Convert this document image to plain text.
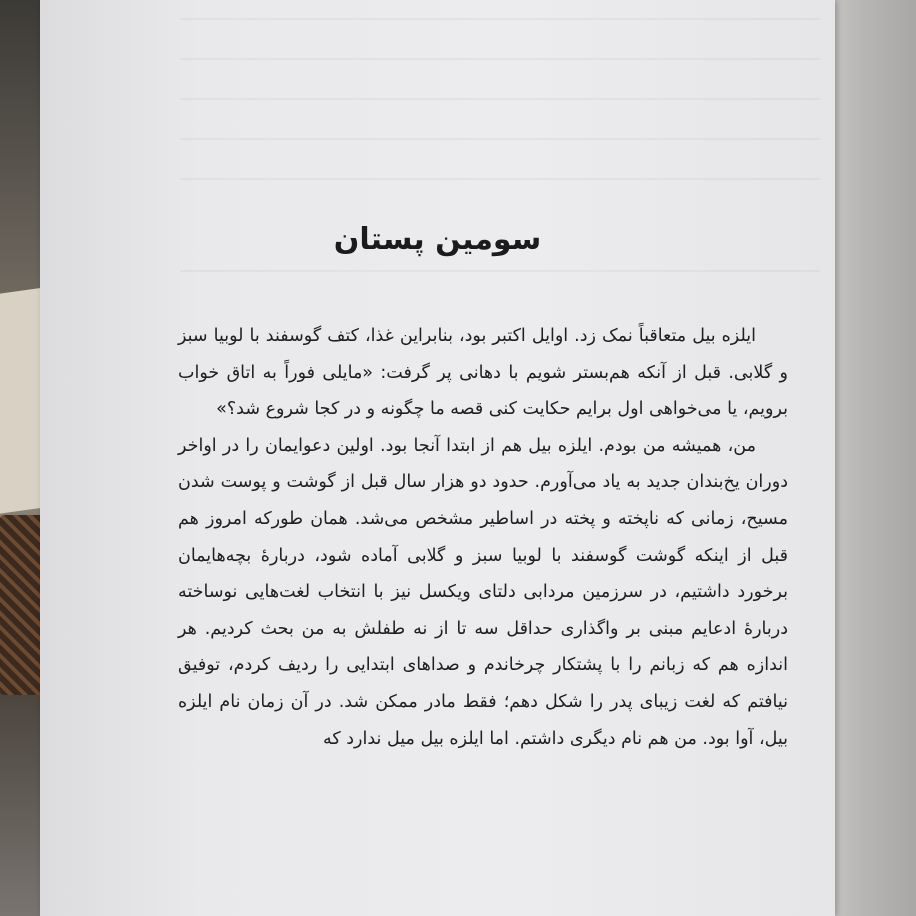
سومین پستان

ایلزه بیل متعاقباً نمک زد. اوایل اکتبر بود، بنابراین غذا، کتف گوسفند با لوبیا سبز و گلابی. قبل از آنکه هم‌بستر شویم با دهانی پر گرفت: «مایلی فوراً به اتاق خواب برویم، یا می‌خواهی اول برایم حکایت کنی قصه ما چگونه و در کجا شروع شد؟»

من، همیشه من بودم. ایلزه بیل هم از ابتدا آنجا بود. اولین دعوایمان را در اواخر دوران یخ‌بندان جدید به یاد می‌آورم. حدود دو هزار سال قبل از گوشت و پوست شدن مسیح، زمانی که ناپخته و پخته در اساطیر مشخص می‌شد. همان طورکه امروز هم قبل از اینکه گوشت گوسفند با لوبیا سبز و گلابی آماده شود، دربارهٔ بچه‌هایمان برخورد داشتیم، در سرزمین مردابی دلتای ویکسل نیز با انتخاب لغت‌هایی نوساخته دربارهٔ ادعایم مبنی بر واگذاری حداقل سه تا از نه طفلش به من بحث کردیم. هر اندازه هم که زبانم را با پشتکار چرخاندم و صداهای ابتدایی را ردیف کردم، توفیق نیافتم که لغت زیبای پدر را شکل دهم؛ فقط مادر ممکن شد. در آن زمان نام ایلزه بیل، آوا بود. من هم نام دیگری داشتم. اما ایلزه بیل میل ندارد که
